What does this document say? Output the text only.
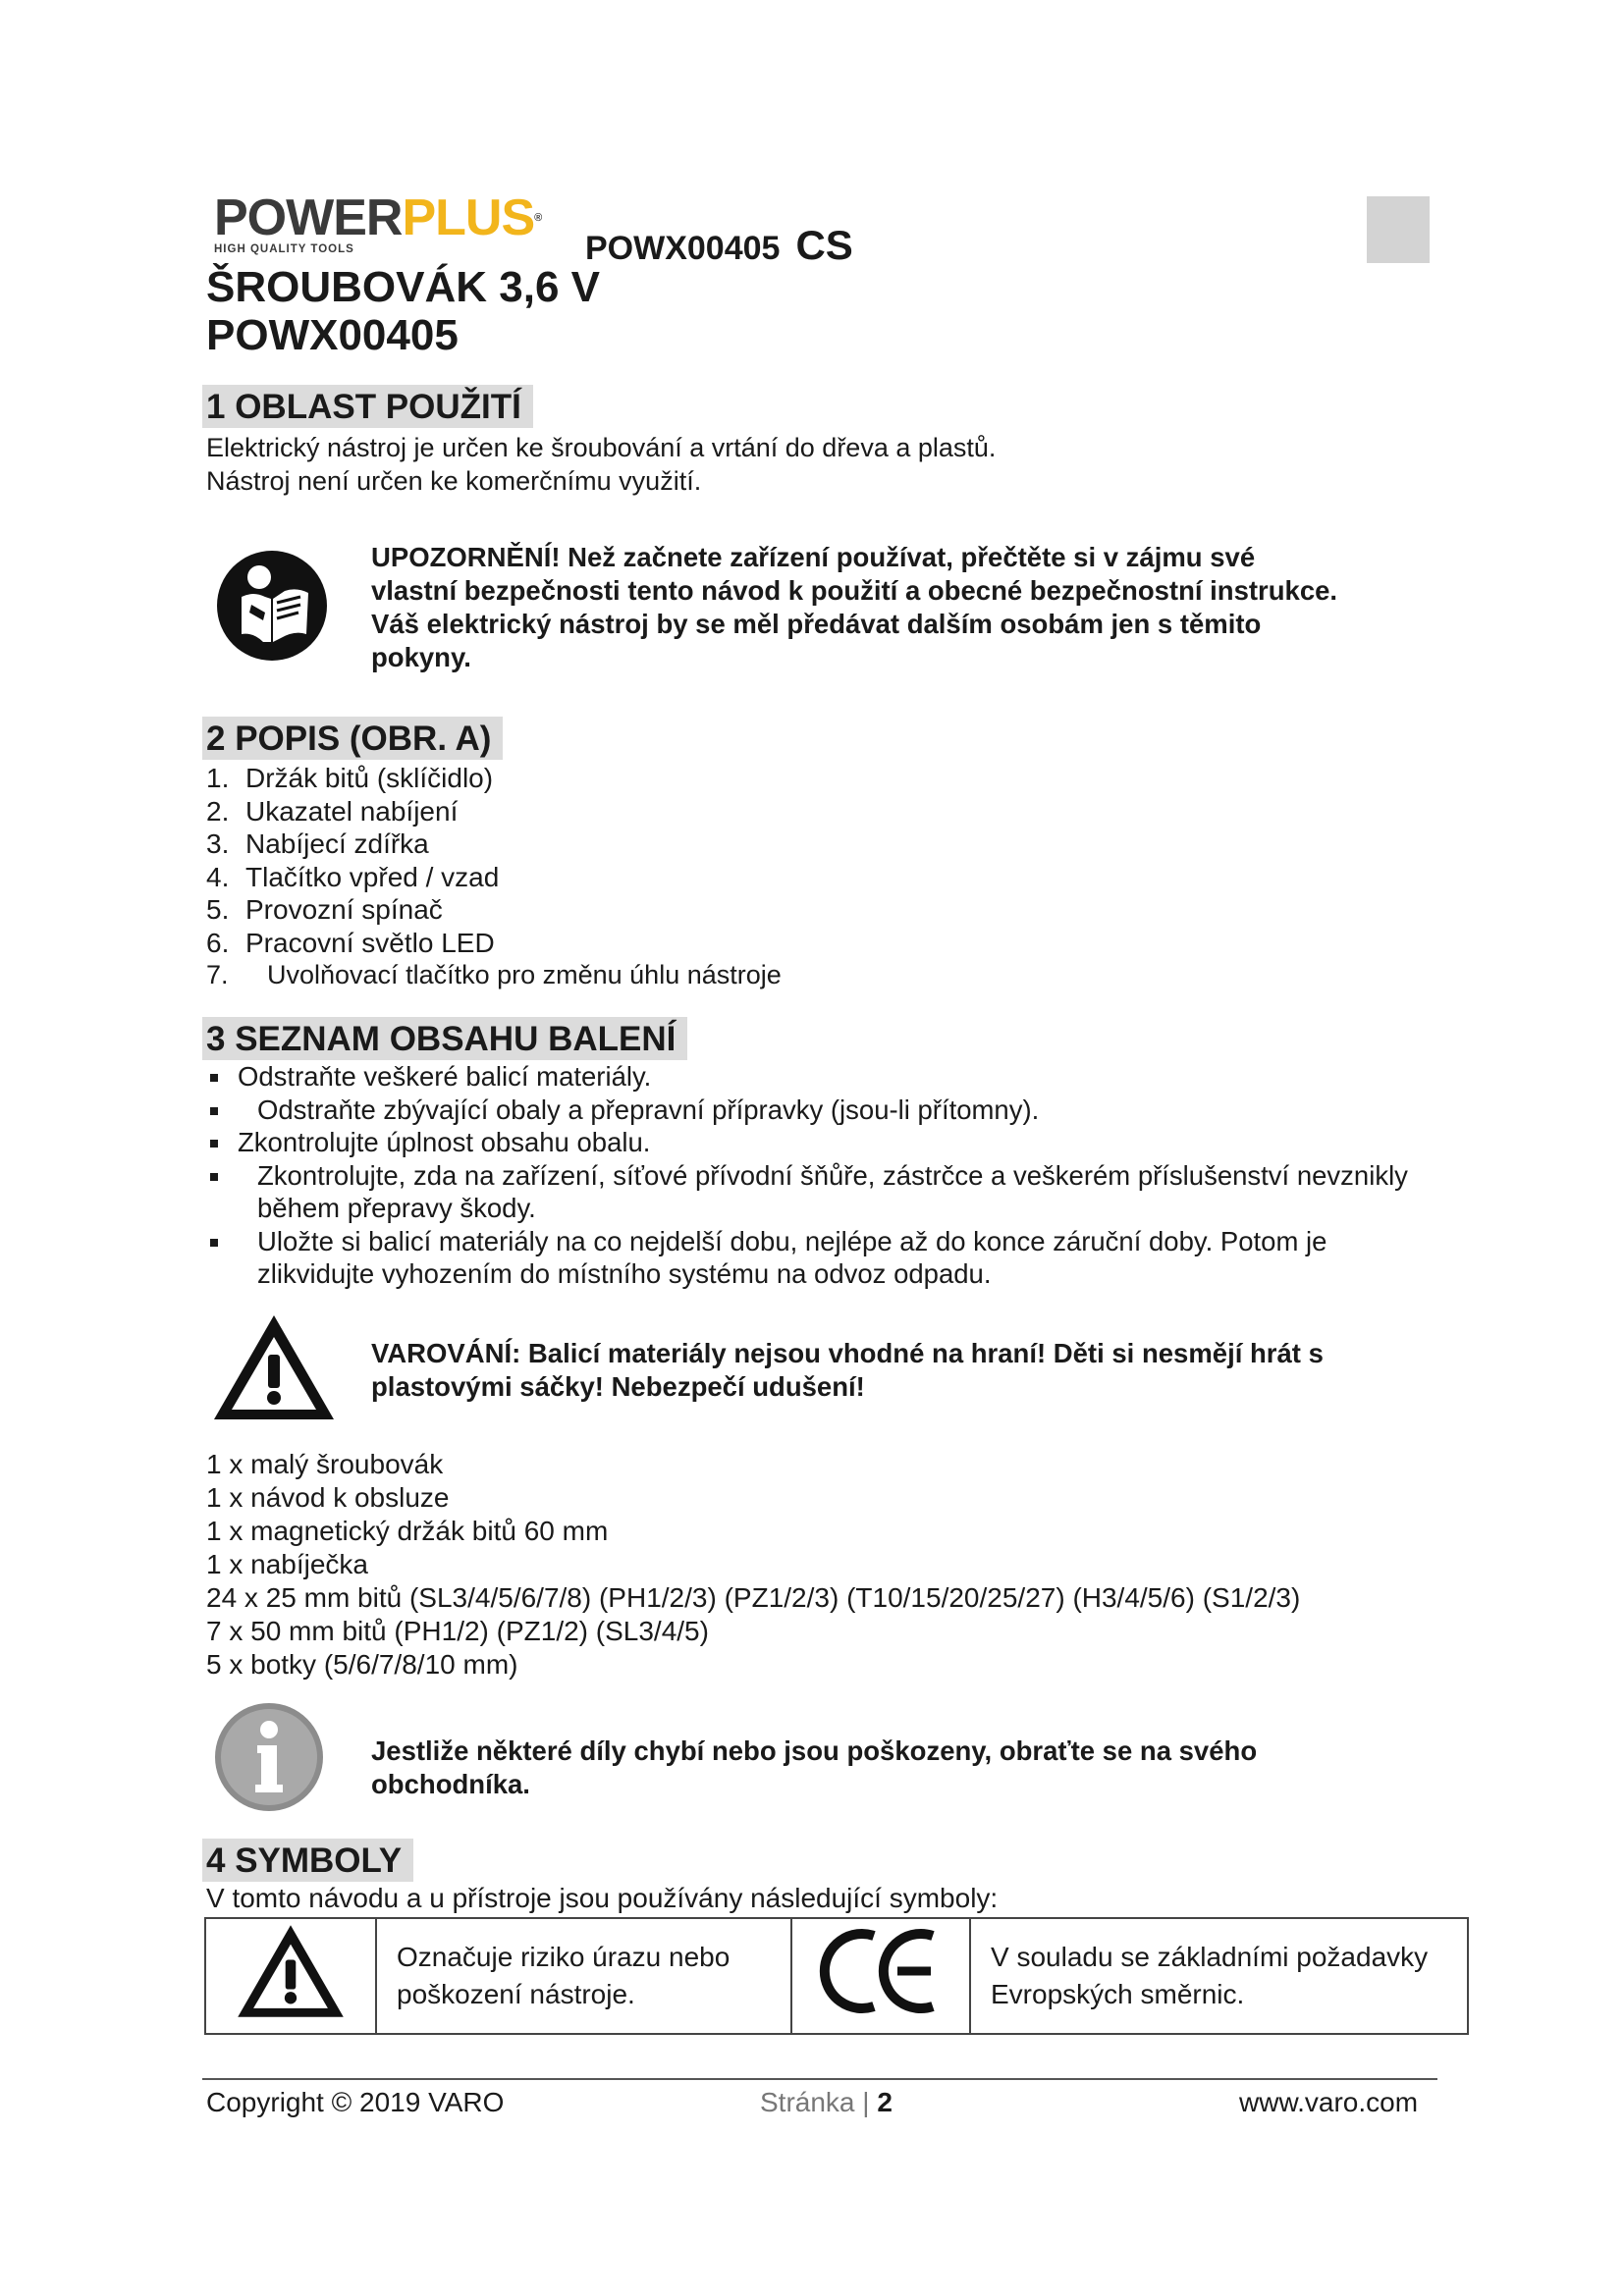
POWERPLUS®
HIGH QUALITY TOOLS	POWX00405 CS
ŠROUBOVÁK 3,6 V
POWX00405
1 OBLAST POUŽITÍ
Elektrický nástroj je určen ke šroubování a vrtání do dřeva a plastů.
Nástroj není určen ke komerčnímu využití.
UPOZORNĚNÍ! Než začnete zařízení používat, přečtěte si v zájmu své
vlastní bezpečnosti tento návod k použití a obecné bezpečnostní instrukce.
Váš elektrický nástroj by se měl předávat dalším osobám jen s těmito
pokyny.
2 POPIS (OBR. A)
1. Držák bitů (sklíčidlo)
2. Ukazatel nabíjení
3. Nabíjecí zdířka
4. Tlačítko vpřed / vzad
5. Provozní spínač
6. Pracovní světlo LED
7. Uvolňovací tlačítko pro změnu úhlu nástroje
3 SEZNAM OBSAHU BALENÍ
Odstraňte veškeré balicí materiály.
Odstraňte zbývající obaly a přepravní přípravky (jsou-li přítomny).
Zkontrolujte úplnost obsahu obalu.
Zkontrolujte, zda na zařízení, síťové přívodní šňůře, zástrčce a veškerém příslušenství nevznikly během přepravy škody.
Uložte si balicí materiály na co nejdelší dobu, nejlépe až do konce záruční doby. Potom je zlikvidujte vyhozením do místního systému na odvoz odpadu.
VAROVÁNÍ: Balicí materiály nejsou vhodné na hraní! Děti si nesmějí hrát s
plastovými sáčky! Nebezpečí udušení!
1 x malý šroubovák
1 x návod k obsluze
1 x magnetický držák bitů 60 mm
1 x nabíječka
24 x 25 mm bitů (SL3/4/5/6/7/8) (PH1/2/3) (PZ1/2/3) (T10/15/20/25/27) (H3/4/5/6) (S1/2/3)
7 x 50 mm bitů (PH1/2) (PZ1/2) (SL3/4/5)
5 x botky (5/6/7/8/10 mm)
Jestliže některé díly chybí nebo jsou poškozeny, obraťte se na svého
obchodníka.
4 SYMBOLY
V tomto návodu a u přístroje jsou používány následující symboly:

Označuje riziko úrazu nebo
poškození nástroje.

V souladu se základními požadavky
Evropských směrnic.
Copyright © 2019 VARO	Stránka | 2	www.varo.com
